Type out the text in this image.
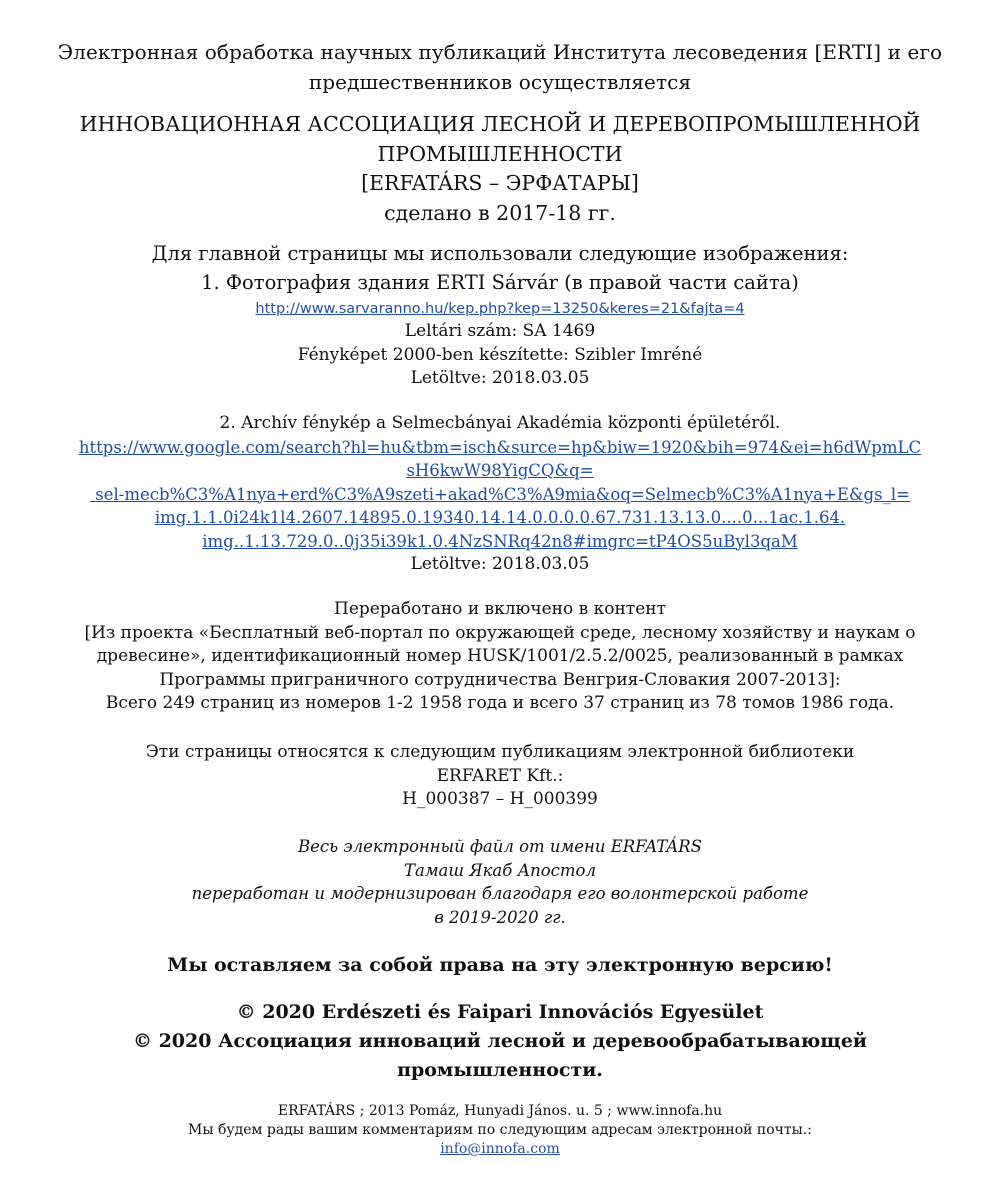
Электронная обработка научных публикаций Института лесоведения [ERTI] и его
предшественников осуществляется
ИННОВАЦИОННАЯ АССОЦИАЦИЯ ЛЕСНОЙ И ДЕРЕВОПРОМЫШЛЕННОЙ
ПРОМЫШЛЕННОСТИ
[ERFATÁRS – ЭРФАТАРЫ]
сделано в 2017-18 гг.
Для главной страницы мы использовали следующие изображения:
1. Фотография здания ERTI Sárvár (в правой части сайта)
http://www.sarvaranno.hu/kep.php?kep=13250&keres=21&fajta=4
Leltári szám: SA 1469
Fényképet 2000-ben készítette: Szibler Imréné
Letöltve: 2018.03.05
2. Archív fénykép a Selmecbányai Akadémia központi épületéről.
https://www.google.com/search?hl=hu&tbm=isch&surce=hp&biw=1920&bih=974&ei=h6dWpmLC
sH6kwW98YigCQ&q=
sel-mecb%C3%A1nya+erd%C3%A9szeti+akad%C3%A9mia&oq=Selmecb%C3%A1nya+E&gs_l=
img.1.1.0i24k1l4.2607.14895.0.19340.14.14.0.0.0.0.67.731.13.13.0....0...1ac.1.64.
img..1.13.729.0..0j35i39k1.0.4NzSNRq42n8#imgrc=tP4OS5uByl3qaM
Letöltve: 2018.03.05
Переработано и включено в контент
[Из проекта «Бесплатный веб-портал по окружающей среде, лесному хозяйству и наукам о
древесине», идентификационный номер HUSK/1001/2.5.2/0025, реализованный в рамках
Программы приграничного сотрудничества Венгрия-Словакия 2007-2013]:
Всего 249 страниц из номеров 1-2 1958 года и всего 37 страниц из 78 томов 1986 года.
Эти страницы относятся к следующим публикациям электронной библиотеки
ERFARET Kft.:
H_000387 – H_000399
Весь электронный файл от имени ERFATÁRS
Тамаш Якаб Апостол
переработан и модернизирован благодаря его волонтерской работе
в 2019-2020 гг.
Мы оставляем за собой права на эту электронную версию!
© 2020 Erdészeti és Faipari Innovációs Egyesület
© 2020 Ассоциация инноваций лесной и деревообрабатывающей
промышленности.
ERFATÁRS ; 2013 Pomáz, Hunyadi János. u. 5 ; www.innofa.hu
Мы будем рады вашим комментариям по следующим адресам электронной почты.:
info@innofa.com
